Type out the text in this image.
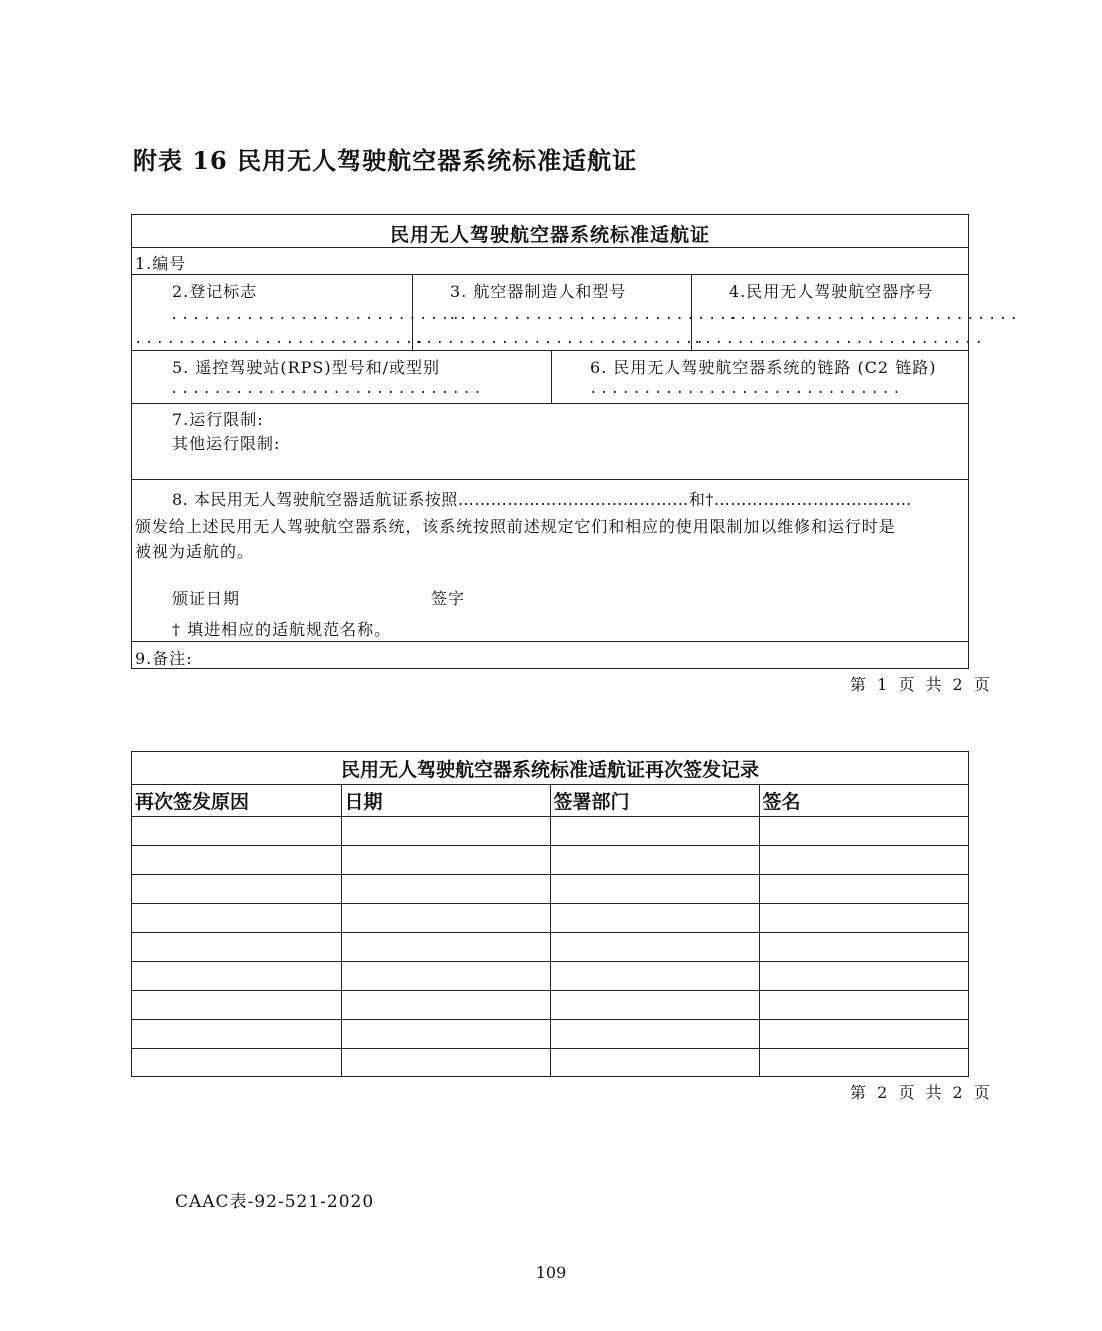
附表 16 民用无人驾驶航空器系统标准适航证
民用无人驾驶航空器系统标准适航证
1.编号
2.登记标志	3. 航空器制造人和型号	4.民用无人驾驶航空器序号
...........................
...........................
...........................
...........................
...........................
...........................
5. 遥控驾驶站(RPS)型号和/或型别	6. 民用无人驾驶航空器系统的链路 (C2 链路)
.............................	.............................
7.运行限制:
其他运行限制:
8. 本民用无人驾驶航空器适航证系按照……………………………………和†………………………………
颁发给上述民用无人驾驶航空器系统，该系统按照前述规定它们和相应的使用限制加以维修和运行时是
被视为适航的。
颁证日期	签字
† 填进相应的适航规范名称。
9.备注:
第 1 页 共 2 页
民用无人驾驶航空器系统标准适航证再次签发记录			
再次签发原因	日期	签署部门	签名

第 2 页 共 2 页
CAAC表-92-521-2020
109
